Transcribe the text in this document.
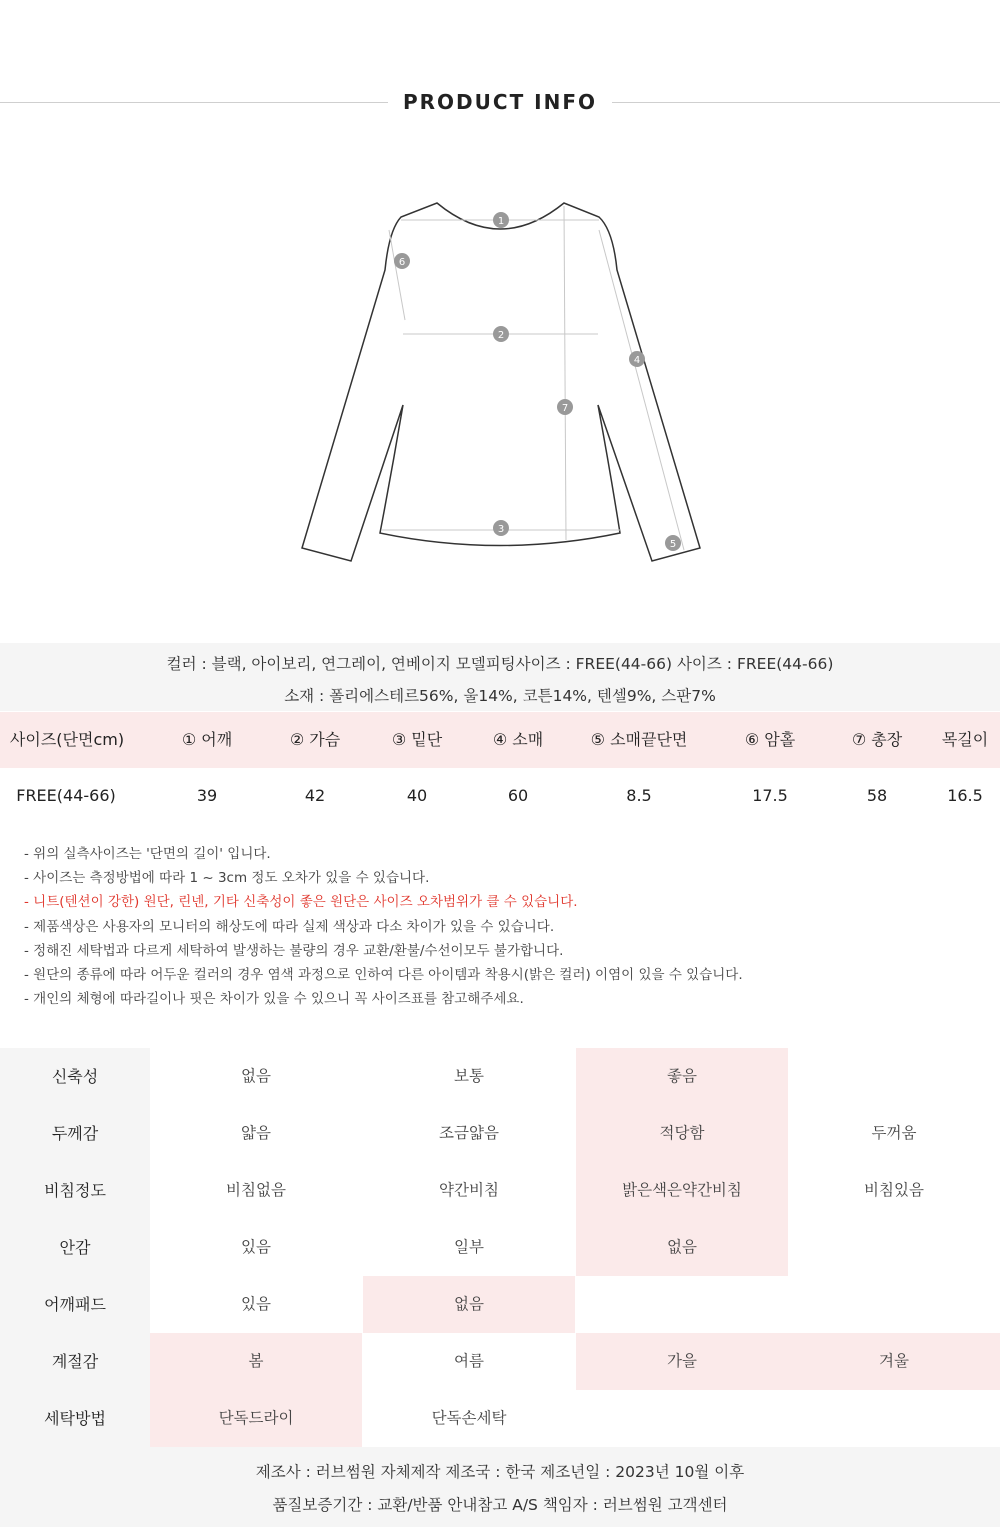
PRODUCT INFO
1
2
3
4
5
6
7
컬러 : 블랙, 아이보리, 연그레이, 연베이지 모델피팅사이즈 : FREE(44-66) 사이즈 : FREE(44-66)
소재 : 폴리에스테르56%, 울14%, 코튼14%, 텐셀9%, 스판7%
사이즈(단면cm)	① 어깨	② 가슴	③ 밑단	④ 소매	⑤ 소매끝단면	⑥ 암홀	⑦ 총장	목길이
FREE(44-66)	39	42	40	60	8.5	17.5	58	16.5
- 위의 실측사이즈는 '단면의 길이' 입니다.
- 사이즈는 측정방법에 따라 1 ~ 3cm 정도 오차가 있을 수 있습니다.
- 니트(텐션이 강한) 원단, 린넨, 기타 신축성이 좋은 원단은 사이즈 오차범위가 클 수 있습니다.
- 제품색상은 사용자의 모니터의 해상도에 따라 실제 색상과 다소 차이가 있을 수 있습니다.
- 정해진 세탁법과 다르게 세탁하여 발생하는 불량의 경우 교환/환불/수선이모두 불가합니다.
- 원단의 종류에 따라 어두운 컬러의 경우 염색 과정으로 인하여 다른 아이템과 착용시(밝은 컬러) 이염이 있을 수 있습니다.
- 개인의 체형에 따라길이나 핏은 차이가 있을 수 있으니 꼭 사이즈표를 참고해주세요.
신축성	없음	보통	좋음
두께감	얇음	조금얇음	적당함	두꺼움
비침정도	비침없음	약간비침	밝은색은약간비침	비침있음
안감	있음	일부	없음
어깨패드	있음	없음
계절감	봄	여름	가을	겨울
세탁방법	단독드라이	단독손세탁
제조사 : 러브썸원 자체제작 제조국 : 한국 제조년일 : 2023년 10월 이후
품질보증기간 : 교환/반품 안내참고 A/S 책임자 : 러브썸원 고객센터
